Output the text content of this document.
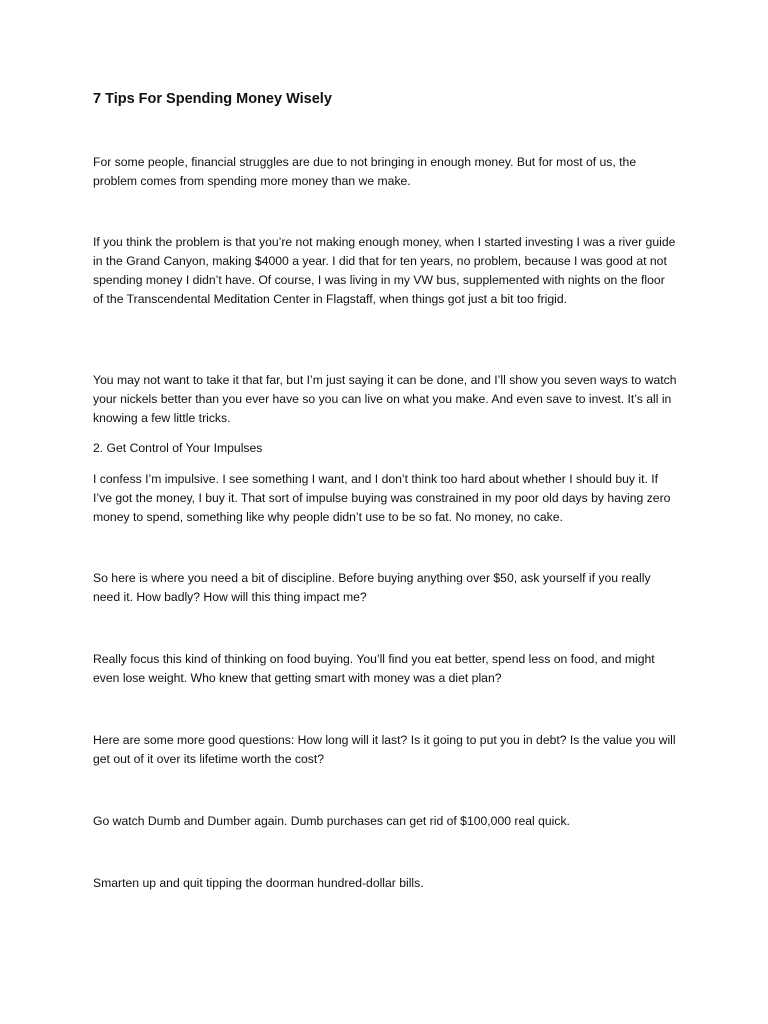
7 Tips For Spending Money Wisely

For some people, financial struggles are due to not bringing in enough money. But for most of us, the problem comes from spending more money than we make.

If you think the problem is that you’re not making enough money, when I started investing I was a river guide in the Grand Canyon, making $4000 a year. I did that for ten years, no problem, because I was good at not spending money I didn’t have. Of course, I was living in my VW bus, supplemented with nights on the floor of the Transcendental Meditation Center in Flagstaff, when things got just a bit too frigid.

You may not want to take it that far, but I’m just saying it can be done, and I’ll show you seven ways to watch your nickels better than you ever have so you can live on what you make. And even save to invest. It’s all in knowing a few little tricks.

2. Get Control of Your Impulses

I confess I’m impulsive. I see something I want, and I don’t think too hard about whether I should buy it. If I’ve got the money, I buy it. That sort of impulse buying was constrained in my poor old days by having zero money to spend, something like why people didn’t use to be so fat. No money, no cake.

So here is where you need a bit of discipline. Before buying anything over $50, ask yourself if you really need it. How badly? How will this thing impact me?

Really focus this kind of thinking on food buying. You’ll find you eat better, spend less on food, and might even lose weight. Who knew that getting smart with money was a diet plan?

Here are some more good questions: How long will it last? Is it going to put you in debt? Is the value you will get out of it over its lifetime worth the cost?

Go watch Dumb and Dumber again. Dumb purchases can get rid of $100,000 real quick.

Smarten up and quit tipping the doorman hundred-dollar bills.
